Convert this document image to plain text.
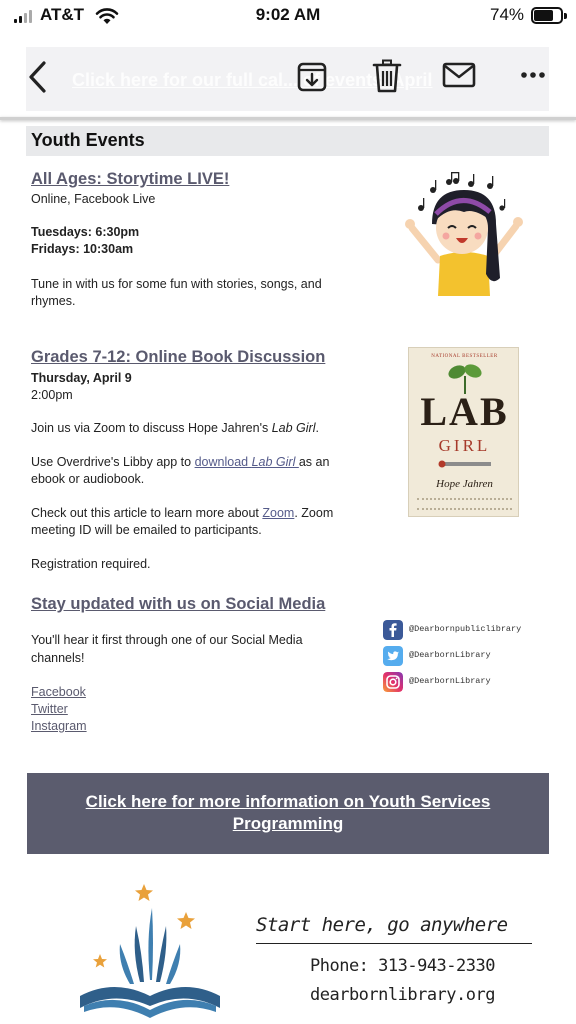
AT&T	9:02 AM	74%
Click here for our full cal... of events. April
Youth Events
All Ages: Storytime LIVE!
Online, Facebook Live
Tuesdays: 6:30pm
Fridays: 10:30am
Tune in with us for some fun with stories, songs, and
rhymes.
Grades 7-12: Online Book Discussion
Thursday, April 9
2:00pm
Join us via Zoom to discuss Hope Jahren's Lab Girl.
Use Overdrive's Libby app to download Lab Girl as an
ebook or audiobook.
Check out this article to learn more about Zoom. Zoom
meeting ID will be emailed to participants.
Registration required.
NATIONAL BESTSELLER
LAB
GIRL
Hope Jahren
Stay updated with us on Social Media
You'll hear it first through one of our Social Media
channels!
Facebook
Twitter
Instagram
@Dearbornpubliclibrary
@DearbornLibrary
@DearbornLibrary
Click here for more information on Youth Services
Programming
Start here, go anywhere
Phone: 313-943-2330
dearbornlibrary.org
